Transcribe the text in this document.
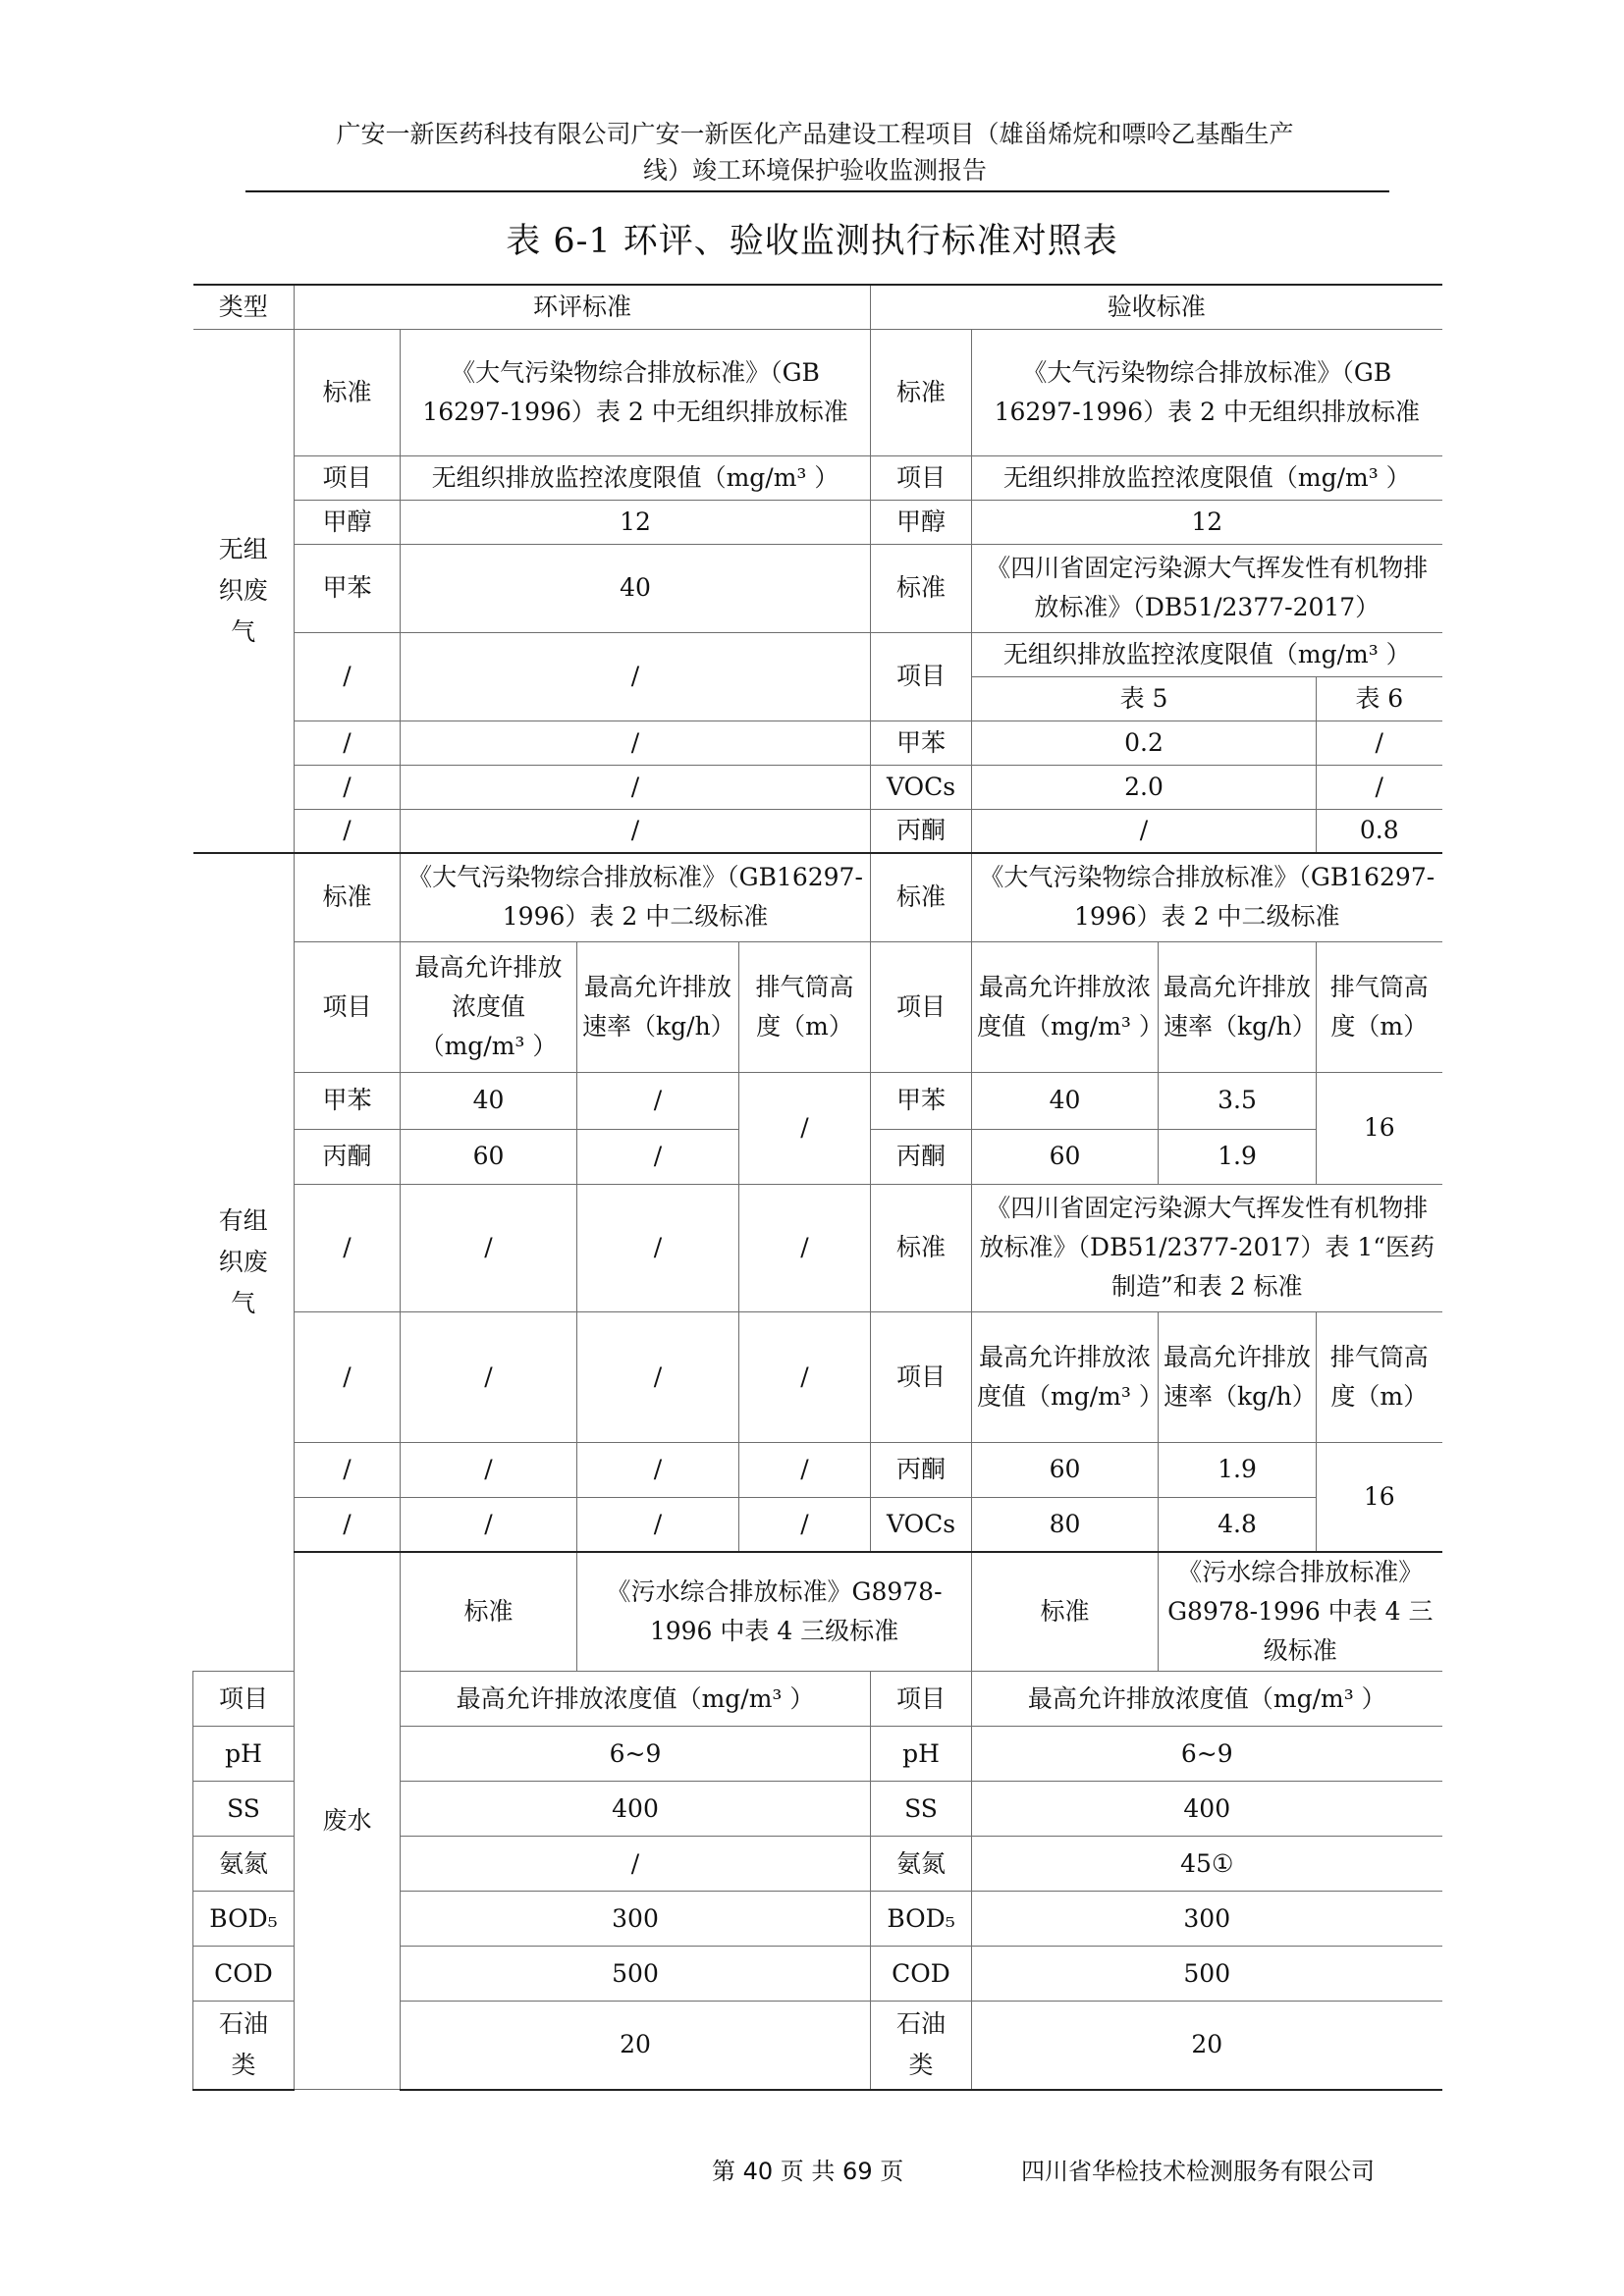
广安一新医药科技有限公司广安一新医化产品建设工程项目（雄甾烯烷和嘌呤乙基酯生产
线）竣工环境保护验收监测报告
表 6-1 环评、验收监测执行标准对照表
类型	环评标准				验收标准			

无组织废气	标准	《大气污染物综合排放标准》（GB 16297-1996）表 2 中无组织排放标准			标准	《大气污染物综合排放标准》（GB 16297-1996）表 2 中无组织排放标准		
	项目	无组织排放监控浓度限值（mg/m³ ）			项目	无组织排放监控浓度限值（mg/m³ ）		
	甲醇	12			甲醇	12		
	甲苯	40			标准	《四川省固定污染源大气挥发性有机物排放标准》（DB51/2377-2017）		
	/	/			项目	无组织排放监控浓度限值（mg/m³ ）		
						表 5		表 6
	/	/			甲苯	0.2		/
	/	/			VOCs	2.0		/
	/	/			丙酮	/		0.8

有组织废气	标准	《大气污染物综合排放标准》（GB16297-1996）表 2 中二级标准			标准	《大气污染物综合排放标准》（GB16297-1996）表 2 中二级标准		
	项目	最高允许排放浓度值（mg/m³ ）	最高允许排放速率（kg/h）	排气筒高度（m）	项目	最高允许排放浓度值（mg/m³ ）	最高允许排放速率（kg/h）	排气筒高度（m）
	甲苯	40	/	/	甲苯	40	3.5	16
	丙酮	60	/		丙酮	60	1.9	
	/	/	/	/	标准	《四川省固定污染源大气挥发性有机物排放标准》（DB51/2377-2017）表 1“医药制造”和表 2 标准		
	/	/	/	/	项目	最高允许排放浓度值（mg/m³ ）	最高允许排放速率（kg/h）	排气筒高度（m）
	/	/	/	/	丙酮	60	1.9	16
	/	/	/	/	VOCs	80	4.8	
	废水	标准	《污水综合排放标准》G8978-1996 中表 4 三级标准			标准	《污水综合排放标准》G8978-1996 中表 4 三级标准	
项目		最高允许排放浓度值（mg/m³ ）			项目	最高允许排放浓度值（mg/m³ ）		
pH		6~9			pH	6~9		
SS		400			SS	400		
氨氮		/			氨氮	45①		
BOD₅		300			BOD₅	300		
COD		500			COD	500		

石油类		20			石油类	20		
第 40 页 共 69 页	四川省华检技术检测服务有限公司
